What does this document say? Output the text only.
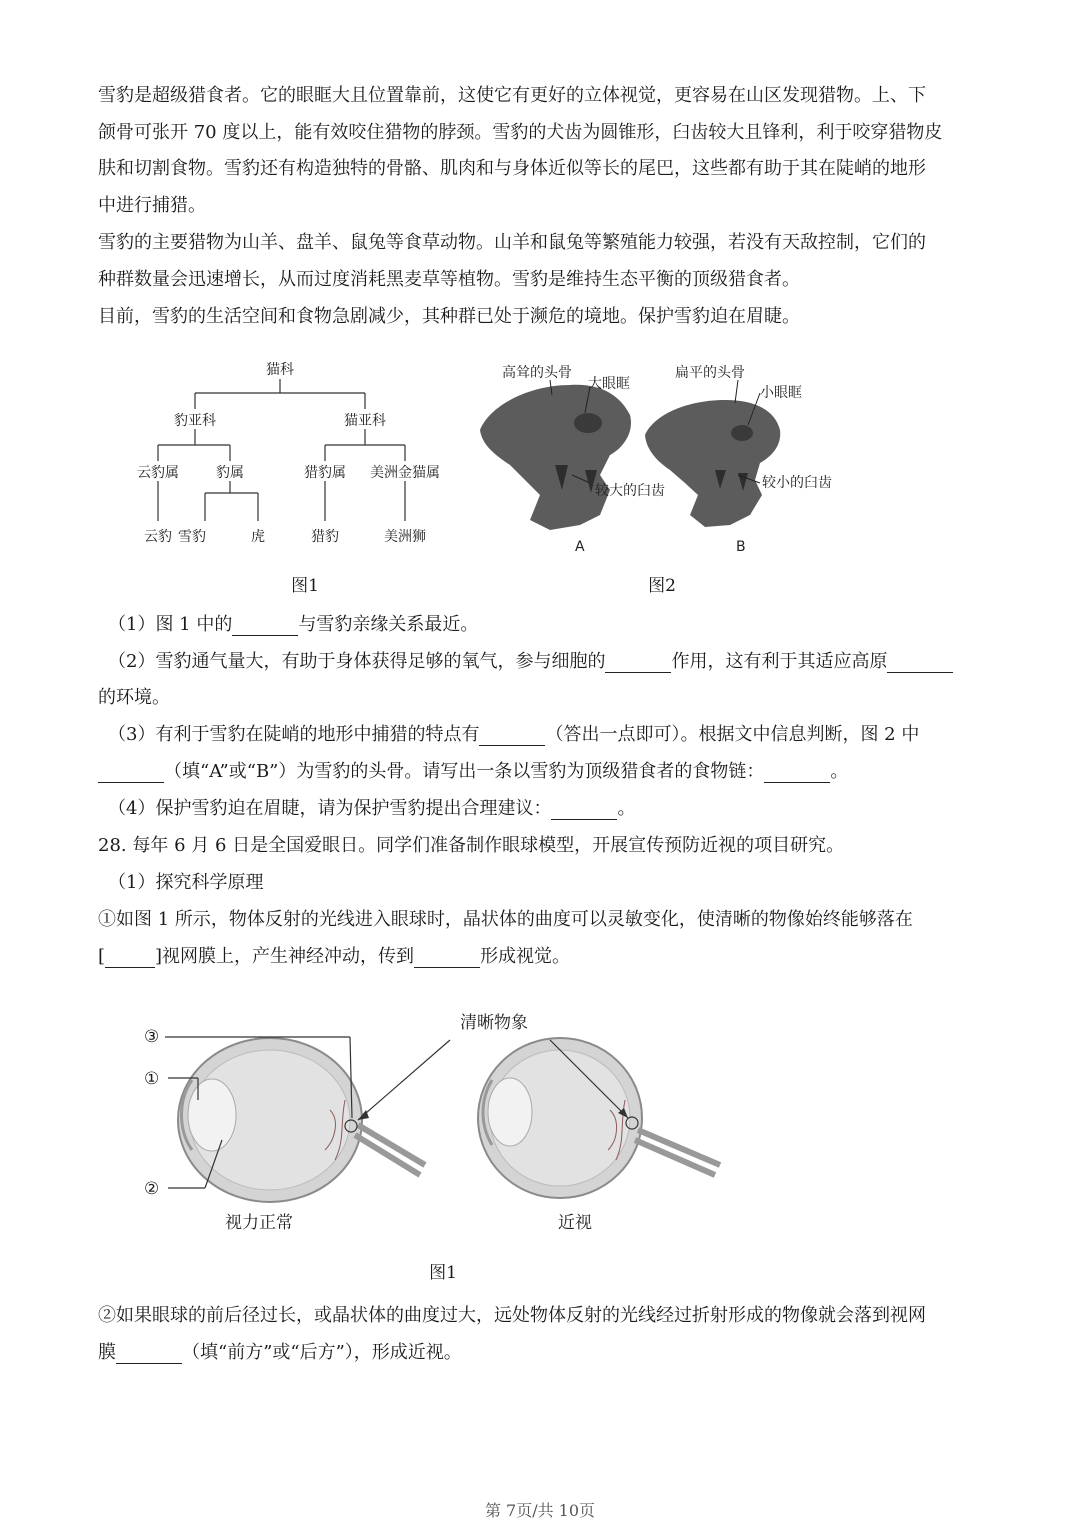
雪豹是超级猎食者。它的眼眶大且位置靠前，这使它有更好的立体视觉，更容易在山区发现猎物。上、下
颌骨可张开 70 度以上，能有效咬住猎物的脖颈。雪豹的犬齿为圆锥形，臼齿较大且锋利，利于咬穿猎物皮
肤和切割食物。雪豹还有构造独特的骨骼、肌肉和与身体近似等长的尾巴，这些都有助于其在陡峭的地形
中进行捕猎。
雪豹的主要猎物为山羊、盘羊、鼠兔等食草动物。山羊和鼠兔等繁殖能力较强，若没有天敌控制，它们的
种群数量会迅速增长，从而过度消耗黑麦草等植物。雪豹是维持生态平衡的顶级猎食者。
目前，雪豹的生活空间和食物急剧减少，其种群已处于濒危的境地。保护雪豹迫在眉睫。
猫科
豹亚科	猫亚科
云豹属	豹属	猎豹属 美洲金猫属
云豹 雪豹	虎	猎豹	美洲狮
图1
高耸的头骨
大眼眶
较大的臼齿
扁平的头骨
小眼眶
较小的臼齿
A	B
图2
（1）图 1 中的	与雪豹亲缘关系最近。
（2）雪豹通气量大，有助于身体获得足够的氧气，参与细胞的	作用，这有利于其适应高原
的环境。
（3）有利于雪豹在陡峭的地形中捕猎的特点有	（答出一点即可）。根据文中信息判断，图 2 中
（填“A”或“B”）为雪豹的头骨。请写出一条以雪豹为顶级猎食者的食物链：	。
（4）保护雪豹迫在眉睫，请为保护雪豹提出合理建议：	。
28. 每年 6 月 6 日是全国爱眼日。同学们准备制作眼球模型，开展宣传预防近视的项目研究。
（1）探究科学原理
①如图 1 所示，物体反射的光线进入眼球时，晶状体的曲度可以灵敏变化，使清晰的物像始终能够落在
[	]视网膜上，产生神经冲动，传到	形成视觉。
清晰物象
③
①
②
视力正常	近视
图1
②如果眼球的前后径过长，或晶状体的曲度过大，远处物体反射的光线经过折射形成的物像就会落到视网
膜	（填“前方”或“后方”），形成近视。
第 7页/共 10页
